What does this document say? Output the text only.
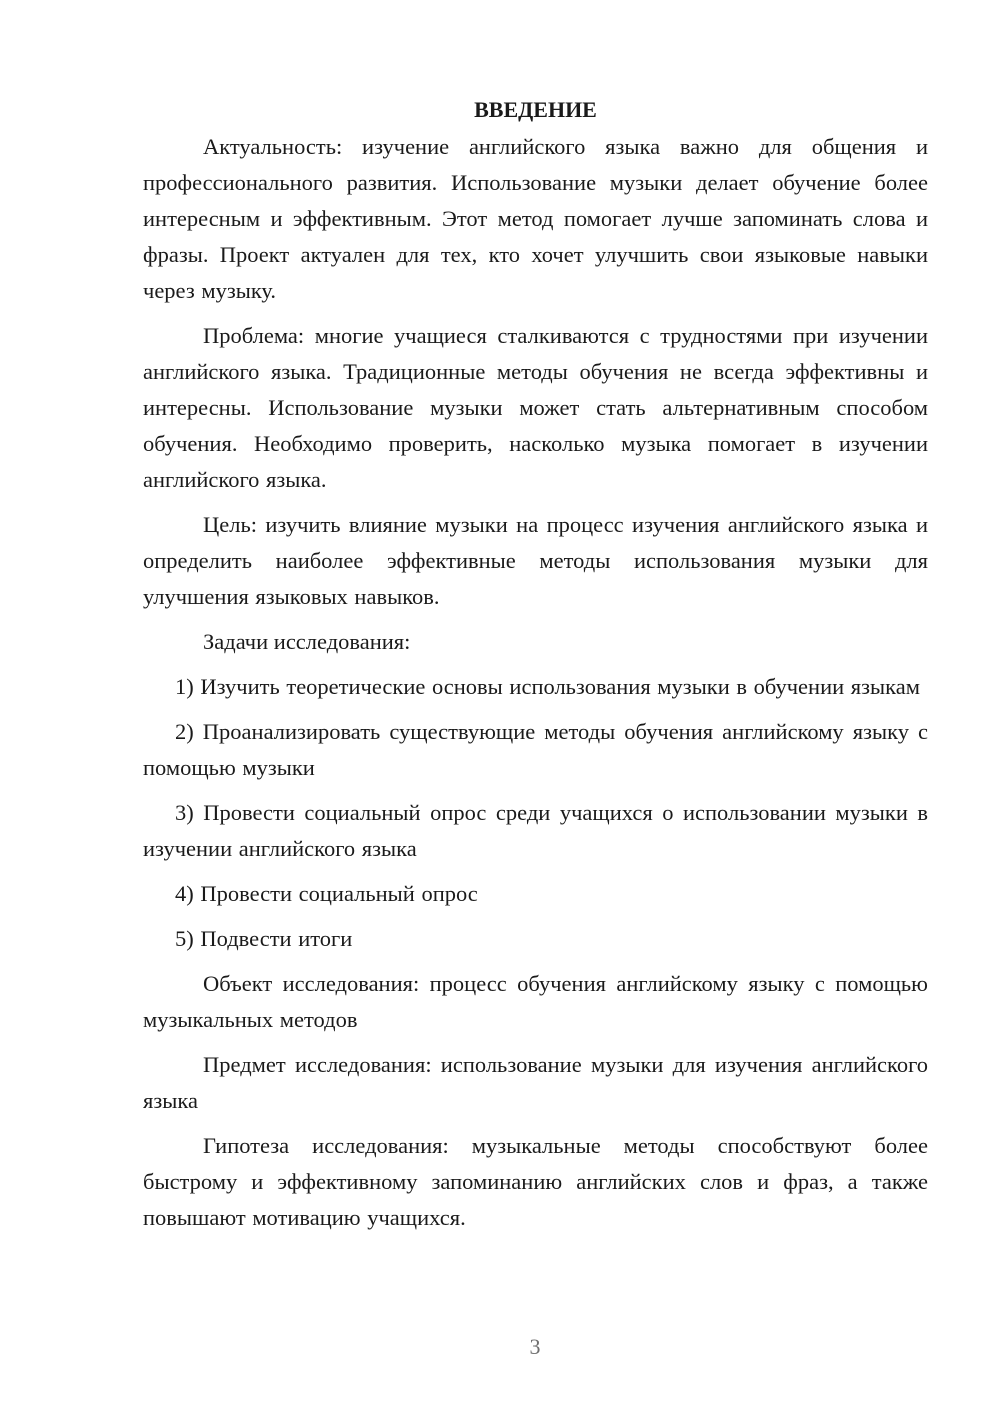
ВВЕДЕНИЕ

Актуальность: изучение английского языка важно для общения и профессионального развития. Использование музыки делает обучение более интересным и эффективным. Этот метод помогает лучше запоминать слова и фразы. Проект актуален для тех, кто хочет улучшить свои языковые навыки через музыку.

Проблема: многие учащиеся сталкиваются с трудностями при изучении английского языка. Традиционные методы обучения не всегда эффективны и интересны. Использование музыки может стать альтернативным способом обучения. Необходимо проверить, насколько музыка помогает в изучении английского языка.

Цель: изучить влияние музыки на процесс изучения английского языка и определить наиболее эффективные методы использования музыки для улучшения языковых навыков.

Задачи исследования:

1) Изучить теоретические основы использования музыки в обучении языкам

2) Проанализировать существующие методы обучения английскому языку с помощью музыки

3) Провести социальный опрос среди учащихся о использовании музыки в изучении английского языка

4) Провести социальный опрос

5) Подвести итоги

Объект исследования: процесс обучения английскому языку с помощью музыкальных методов

Предмет исследования: использование музыки для изучения английского языка

Гипотеза исследования: музыкальные методы способствуют более быстрому и эффективному запоминанию английских слов и фраз, а также повышают мотивацию учащихся.

3
